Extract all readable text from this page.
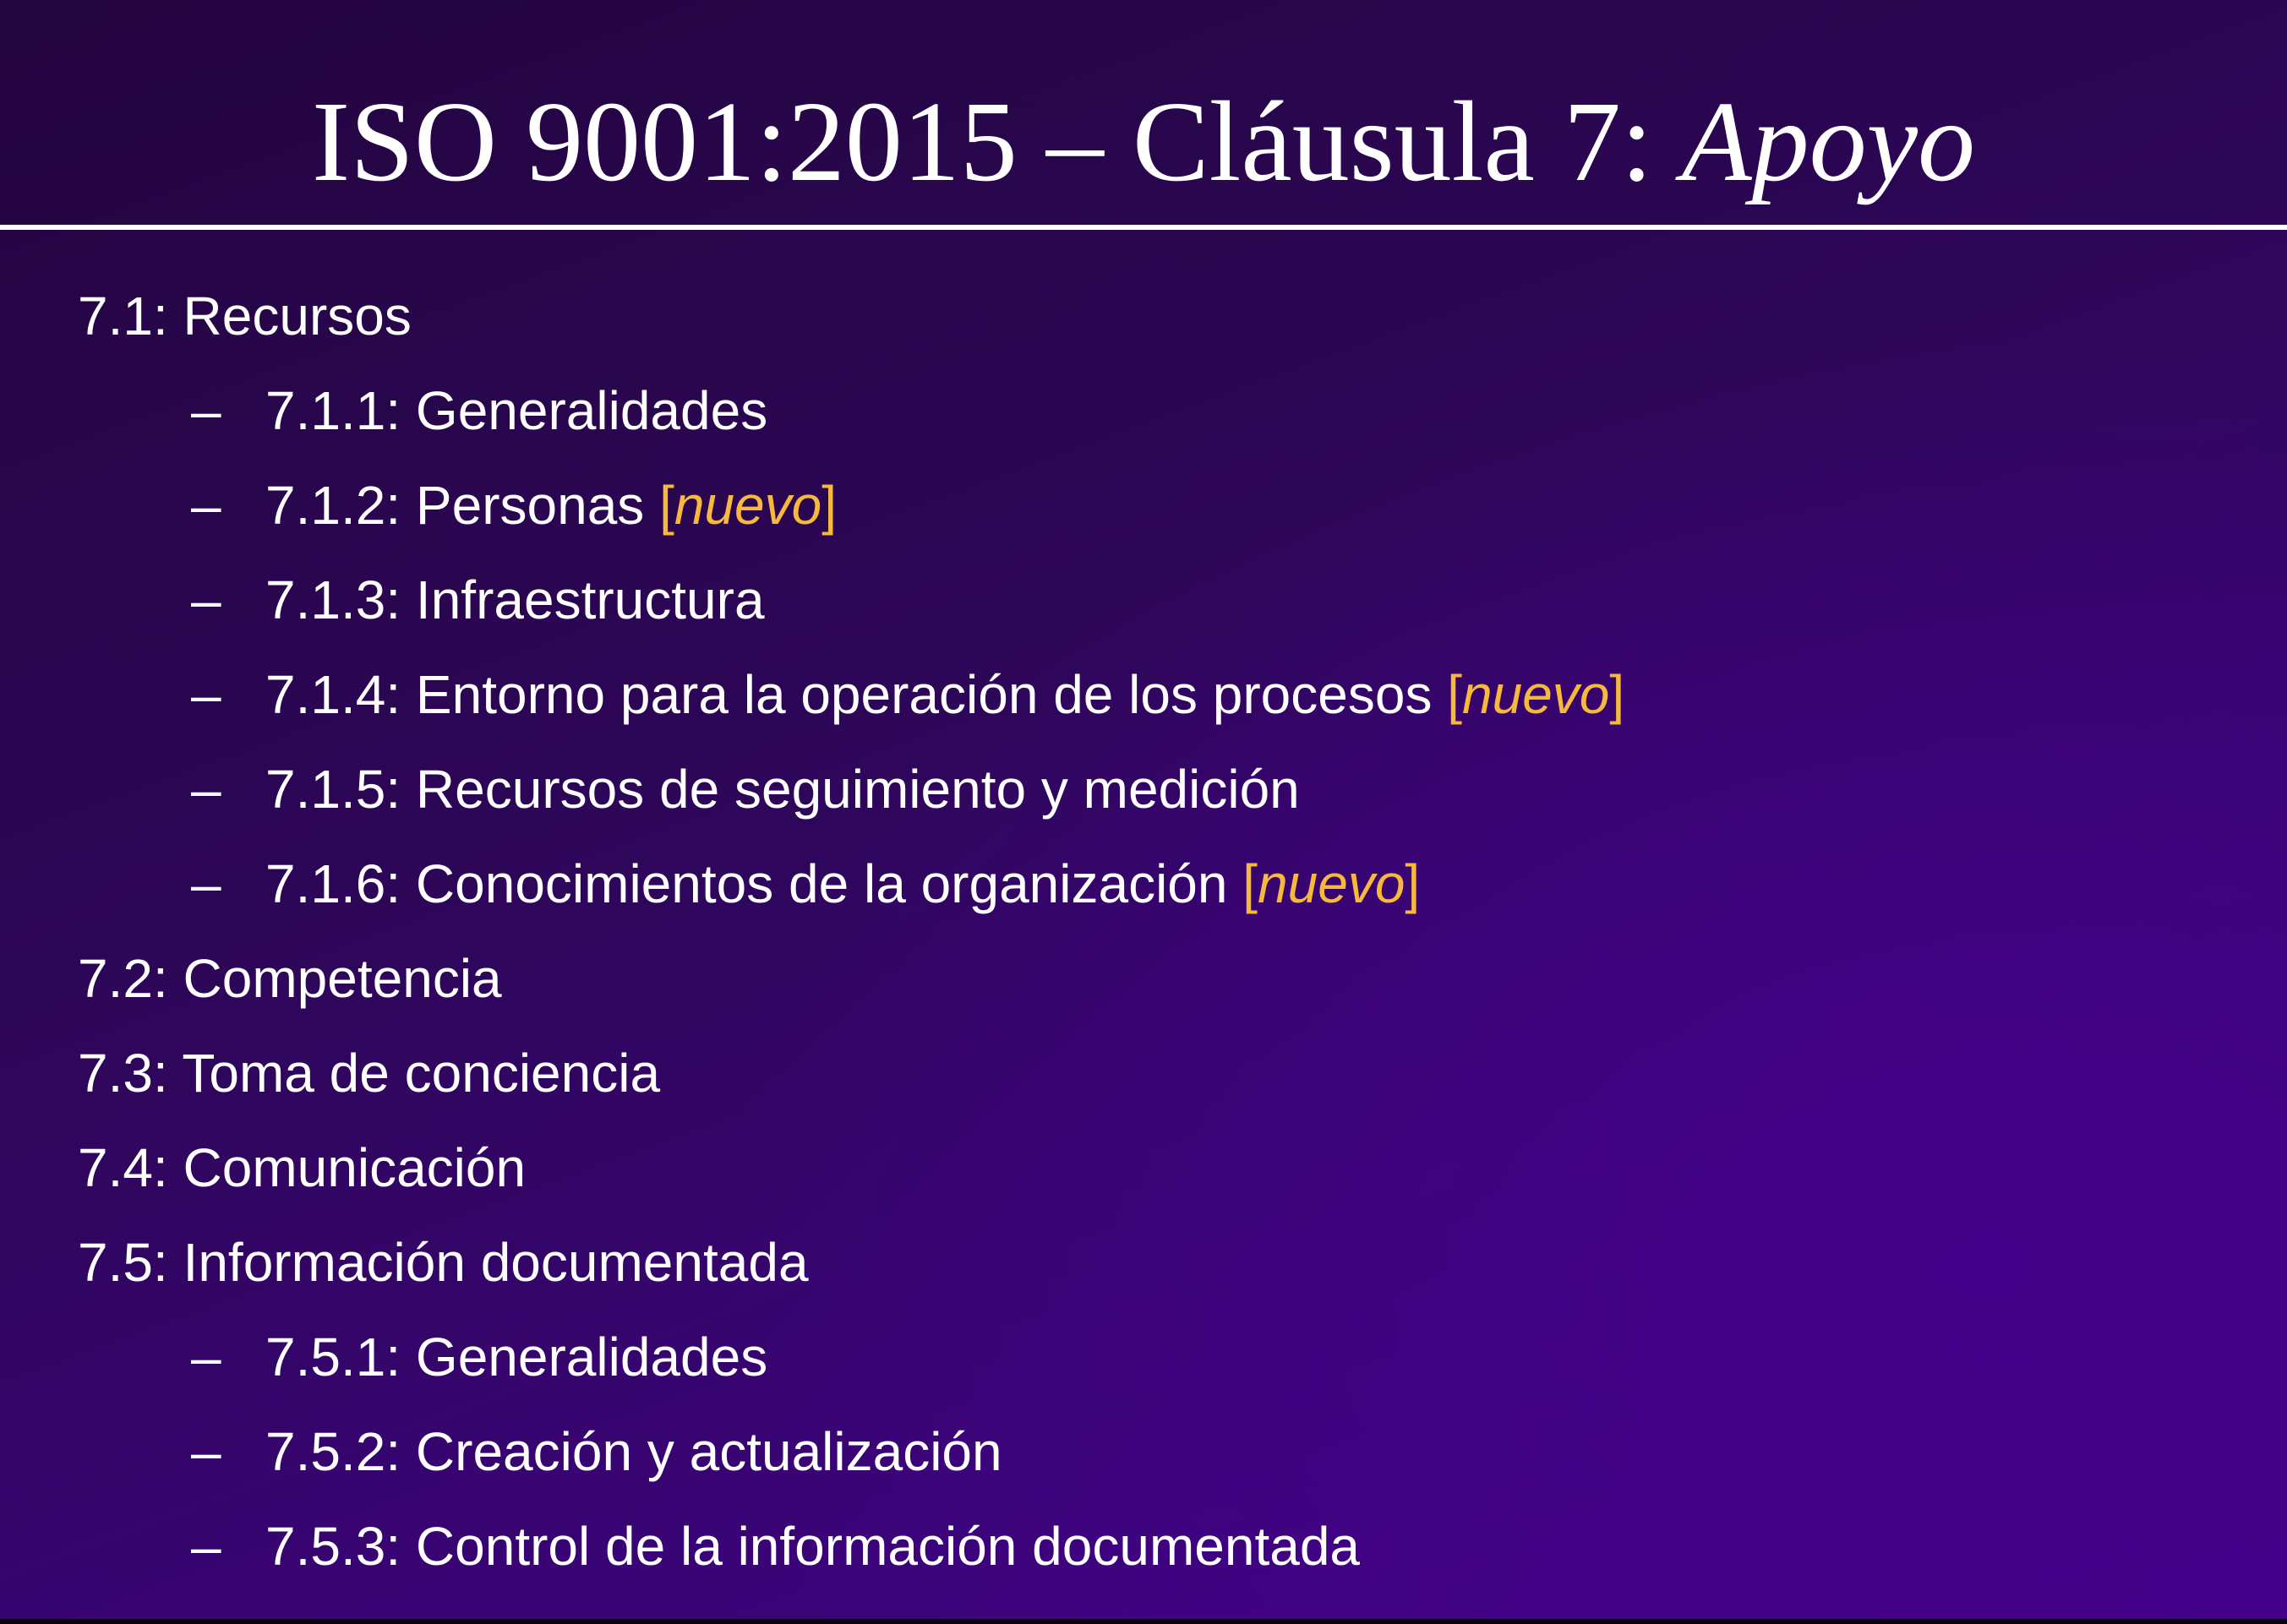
ISO 9001:2015 – Cláusula 7: Apoyo
7.1: Recursos
– 7.1.1: Generalidades
– 7.1.2: Personas [nuevo]
– 7.1.3: Infraestructura
– 7.1.4: Entorno para la operación de los procesos [nuevo]
– 7.1.5: Recursos de seguimiento y medición
– 7.1.6: Conocimientos de la organización [nuevo]
7.2: Competencia
7.3: Toma de conciencia
7.4: Comunicación
7.5: Información documentada
– 7.5.1: Generalidades
– 7.5.2: Creación y actualización
– 7.5.3: Control de la información documentada
